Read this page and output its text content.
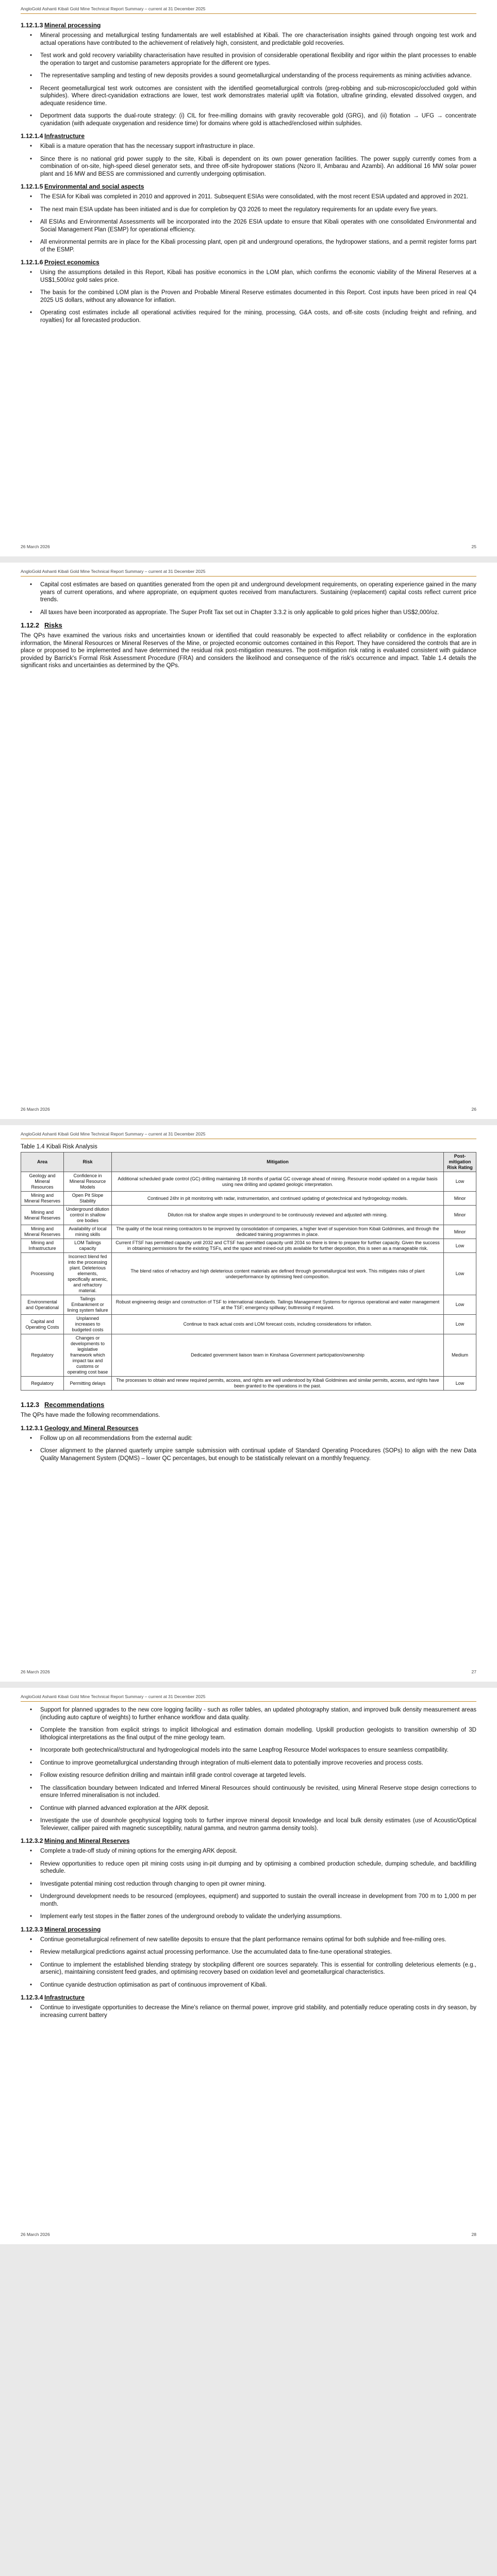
AngloGold Ashanti Kibali Gold Mine Technical Report Summary – current at 31 December 2025
1.12.1.3 Mineral processing
• Mineral processing and metallurgical testing fundamentals are well established at Kibali. The ore characterisation insights gained through ongoing test work and actual operations have contributed to the achievement of relatively high, consistent, and predictable gold recoveries.
• Test work and gold recovery variability characterisation have resulted in provision of considerable operational flexibility and rigor within the plant processes to enable the operation to target and customise parameters appropriate for the different ore types.
• The representative sampling and testing of new deposits provides a sound geometallurgical understanding of the process requirements as mining activities advance.
• Recent geometallurgical test work outcomes are consistent with the identified geometallurgical controls (preg-robbing and sub-microscopic/occluded gold within sulphides). Where direct-cyanidation extractions are lower, test work demonstrates material uplift via flotation, ultrafine grinding, elevated dissolved oxygen, and adequate residence time.
• Deportment data supports the dual-route strategy: (i) CIL for free-milling domains with gravity recoverable gold (GRG), and (ii) flotation → UFG → concentrate cyanidation (with adequate oxygenation and residence time) for domains where gold is attached/enclosed within sulphides.
1.12.1.4 Infrastructure
• Kibali is a mature operation that has the necessary support infrastructure in place.
• Since there is no national grid power supply to the site, Kibali is dependent on its own power generation facilities. The power supply currently comes from a combination of on-site, high-speed diesel generator sets, and three off-site hydropower stations (Nzoro II, Ambarau and Azambi). An additional 16 MW solar power plant and 16 MW and BESS are commissioned and currently undergoing optimisation.
1.12.1.5 Environmental and social aspects
• The ESIA for Kibali was completed in 2010 and approved in 2011. Subsequent ESIAs were consolidated, with the most recent ESIA updated and approved in 2021.
• The next main ESIA update has been initiated and is due for completion by Q3 2026 to meet the regulatory requirements for an update every five years.
• All ESIAs and Environmental Assessments will be incorporated into the 2026 ESIA update to ensure that Kibali operates with one consolidated Environmental and Social Management Plan (ESMP) for operational efficiency.
• All environmental permits are in place for the Kibali processing plant, open pit and underground operations, the hydropower stations, and a permit register forms part of the ESMP.
1.12.1.6 Project economics
• Using the assumptions detailed in this Report, Kibali has positive economics in the LOM plan, which confirms the economic viability of the Mineral Reserves at a US$1,500/oz gold sales price.
• The basis for the combined LOM plan is the Proven and Probable Mineral Reserve estimates documented in this Report. Cost inputs have been priced in real Q4 2025 US dollars, without any allowance for inflation.
• Operating cost estimates include all operational activities required for the mining, processing, G&A costs, and off-site costs (including freight and refining, and royalties) for all forecasted production.
26 March 2026	25
AngloGold Ashanti Kibali Gold Mine Technical Report Summary – current at 31 December 2025
• Capital cost estimates are based on quantities generated from the open pit and underground development requirements, on operating experience gained in the many years of current operations, and where appropriate, on equipment quotes received from manufacturers. Sustaining (replacement) capital costs reflect current price trends.
• All taxes have been incorporated as appropriate. The Super Profit Tax set out in Chapter 3.3.2 is only applicable to gold prices higher than US$2,000/oz.
1.12.2 Risks

The QPs have examined the various risks and uncertainties known or identified that could reasonably be expected to affect reliability or confidence in the exploration information, the Mineral Resources or Mineral Reserves of the Mine, or projected economic outcomes contained in this Report. They have considered the controls that are in place or proposed to be implemented and have determined the residual risk post-mitigation measures. The post-mitigation risk rating is evaluated consistent with guidance provided by Barrick's Formal Risk Assessment Procedure (FRA) and considers the likelihood and consequence of the risk's occurrence and impact. Table 1.4 details the significant risks and uncertainties as determined by the QPs.

26 March 2026	26
AngloGold Ashanti Kibali Gold Mine Technical Report Summary – current at 31 December 2025
Table 1.4 Kibali Risk Analysis
Area	Risk	Mitigation	Post-mitigation Risk Rating
Geology and Mineral Resources	Confidence in Mineral Resource Models	Additional scheduled grade control (GC) drilling maintaining 18 months of partial GC coverage ahead of mining. Resource model updated on a regular basis using new drilling and updated geologic interpretation.	Low
Mining and Mineral Reserves	Open Pit Slope Stability	Continued 24hr in pit monitoring with radar, instrumentation, and continued updating of geotechnical and hydrogeology models.	Minor
Mining and Mineral Reserves	Underground dilution control in shallow ore bodies	Dilution risk for shallow angle stopes in underground to be continuously reviewed and adjusted with mining.	Minor
Mining and Mineral Reserves	Availability of local mining skills	The quality of the local mining contractors to be improved by consolidation of companies, a higher level of supervision from Kibali Goldmines, and through the dedicated training programmes in place.	Minor
Mining and Infrastructure	LOM Tailings capacity	Current FTSF has permitted capacity until 2032 and CTSF has permitted capacity until 2034 so there is time to prepare for further capacity. Given the success in obtaining permissions for the existing TSFs, and the space and mined-out pits available for further deposition, this is seen as a manageable risk.	Low
Processing	Incorrect blend fed into the processing plant. Deleterious elements, specifically arsenic, and refractory material.	The blend ratios of refractory and high deleterious content materials are defined through geometallurgical test work. This mitigates risks of plant underperformance by optimising feed composition.	Low
Environmental and Operational	Tailings Embankment or lining system failure	Robust engineering design and construction of TSF to international standards. Tailings Management Systems for rigorous operational and water management at the TSF; emergency spillway; buttressing if required.	Low
Capital and Operating Costs	Unplanned increases to budgeted costs	Continue to track actual costs and LOM forecast costs, including considerations for inflation.	Low
Regulatory	Changes or developments to legislative framework which impact tax and customs or operating cost base	Dedicated government liaison team in Kinshasa Government participation/ownership	Medium
Regulatory	Permitting delays	The processes to obtain and renew required permits, access, and rights are well understood by Kibali Goldmines and similar permits, access, and rights have been granted to the operations in the past.	Low
1.12.3 Recommendations

The QPs have made the following recommendations.

1.12.3.1 Geology and Mineral Resources
• Follow up on all recommendations from the external audit:
• Closer alignment to the planned quarterly umpire sample submission with continual update of Standard Operating Procedures (SOPs) to align with the new Data Quality Management System (DQMS) – lower QC percentages, but enough to be statistically relevant on a monthly frequency.
26 March 2026	27
AngloGold Ashanti Kibali Gold Mine Technical Report Summary – current at 31 December 2025
• Support for planned upgrades to the new core logging facility - such as roller tables, an updated photography station, and improved bulk density measurement areas (including auto capture of weights) to further enhance workflow and data quality.
• Complete the transition from explicit strings to implicit lithological and estimation domain modelling. Upskill production geologists to transition ownership of 3D lithological interpretations as the final output of the mine geology team.
• Incorporate both geotechnical/structural and hydrogeological models into the same Leapfrog Resource Model workspaces to ensure seamless compatibility.
• Continue to improve geometallurgical understanding through integration of multi-element data to potentially improve recoveries and process costs.
• Follow existing resource definition drilling and maintain infill grade control coverage at targeted levels.
• The classification boundary between Indicated and Inferred Mineral Resources should continuously be revisited, using Mineral Reserve stope design corrections to ensure Inferred mineralisation is not included.
• Continue with planned advanced exploration at the ARK deposit.
• Investigate the use of downhole geophysical logging tools to further improve mineral deposit knowledge and local bulk density estimates (use of Acoustic/Optical Televiewer, calliper paired with magnetic susceptibility, natural gamma, and neutron gamma density tools).
1.12.3.2 Mining and Mineral Reserves
• Complete a trade-off study of mining options for the emerging ARK deposit.
• Review opportunities to reduce open pit mining costs using in-pit dumping and by optimising a combined production schedule, dumping schedule, and backfilling schedule.
• Investigate potential mining cost reduction through changing to open pit owner mining.
• Underground development needs to be resourced (employees, equipment) and supported to sustain the overall increase in development from 700 m to 1,000 m per month.
• Implement early test stopes in the flatter zones of the underground orebody to validate the underlying assumptions.
1.12.3.3 Mineral processing
• Continue geometallurgical refinement of new satellite deposits to ensure that the plant performance remains optimal for both sulphide and free-milling ores.
• Review metallurgical predictions against actual processing performance. Use the accumulated data to fine-tune operational strategies.
• Continue to implement the established blending strategy by stockpiling different ore sources separately. This is essential for controlling deleterious elements (e.g., arsenic), maintaining consistent feed grades, and optimising recovery based on oxidation level and geometallurgical characteristics.
• Continue cyanide destruction optimisation as part of continuous improvement of Kibali.
1.12.3.4 Infrastructure
• Continue to investigate opportunities to decrease the Mine's reliance on thermal power, improve grid stability, and potentially reduce operating costs in dry season, by increasing current battery
26 March 2026	28
